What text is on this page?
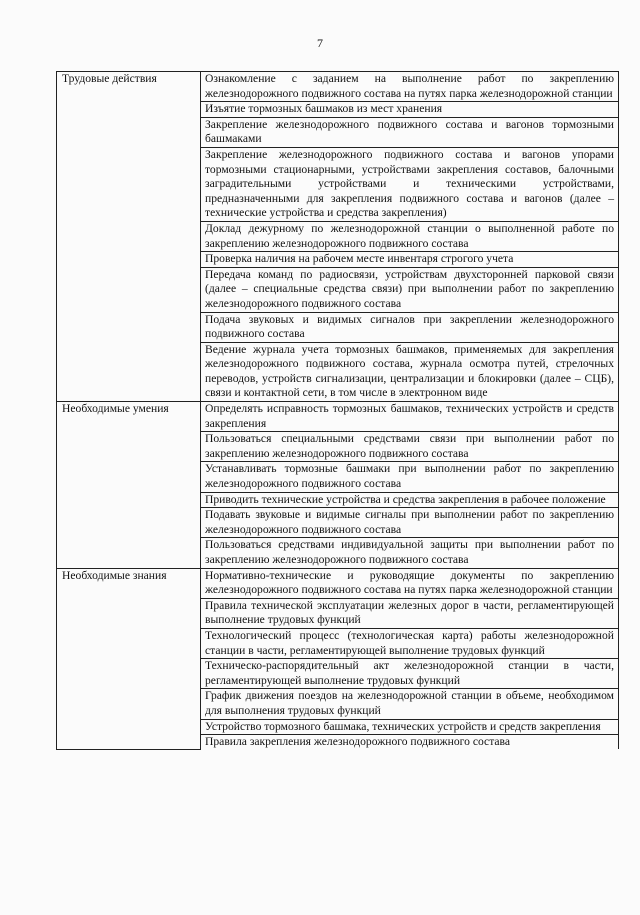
7
Трудовые действия	Ознакомление с заданием на выполнение работ по закреплению железнодорожного подвижного состава на путях парка железнодорожной станции
	Изъятие тормозных башмаков из мест хранения
	Закрепление железнодорожного подвижного состава и вагонов тормозными башмаками
	Закрепление железнодорожного подвижного состава и вагонов упорами тормозными стационарными, устройствами закрепления составов, балочными заградительными устройствами и техническими устройствами, предназначенными для закрепления подвижного состава и вагонов (далее – технические устройства и средства закрепления)
	Доклад дежурному по железнодорожной станции о выполненной работе по закреплению железнодорожного подвижного состава
	Проверка наличия на рабочем месте инвентаря строгого учета
	Передача команд по радиосвязи, устройствам двухсторонней парковой связи (далее – специальные средства связи) при выполнении работ по закреплению железнодорожного подвижного состава
	Подача звуковых и видимых сигналов при закреплении железнодорожного подвижного состава
	Ведение журнала учета тормозных башмаков, применяемых для закрепления железнодорожного подвижного состава, журнала осмотра путей, стрелочных переводов, устройств сигнализации, централизации и блокировки (далее – СЦБ), связи и контактной сети, в том числе в электронном виде
Необходимые умения	Определять исправность тормозных башмаков, технических устройств и средств закрепления
	Пользоваться специальными средствами связи при выполнении работ по закреплению железнодорожного подвижного состава
	Устанавливать тормозные башмаки при выполнении работ по закреплению железнодорожного подвижного состава
	Приводить технические устройства и средства закрепления в рабочее положение
	Подавать звуковые и видимые сигналы при выполнении работ по закреплению железнодорожного подвижного состава
	Пользоваться средствами индивидуальной защиты при выполнении работ по закреплению железнодорожного подвижного состава
Необходимые знания	Нормативно-технические и руководящие документы по закреплению железнодорожного подвижного состава на путях парка железнодорожной станции
	Правила технической эксплуатации железных дорог в части, регламентирующей выполнение трудовых функций
	Технологический процесс (технологическая карта) работы железнодорожной станции в части, регламентирующей выполнение трудовых функций
	Техническо-распорядительный акт железнодорожной станции в части, регламентирующей выполнение трудовых функций
	График движения поездов на железнодорожной станции в объеме, необходимом для выполнения трудовых функций
	Устройство тормозного башмака, технических устройств и средств закрепления

	Правила закрепления железнодорожного подвижного состава
